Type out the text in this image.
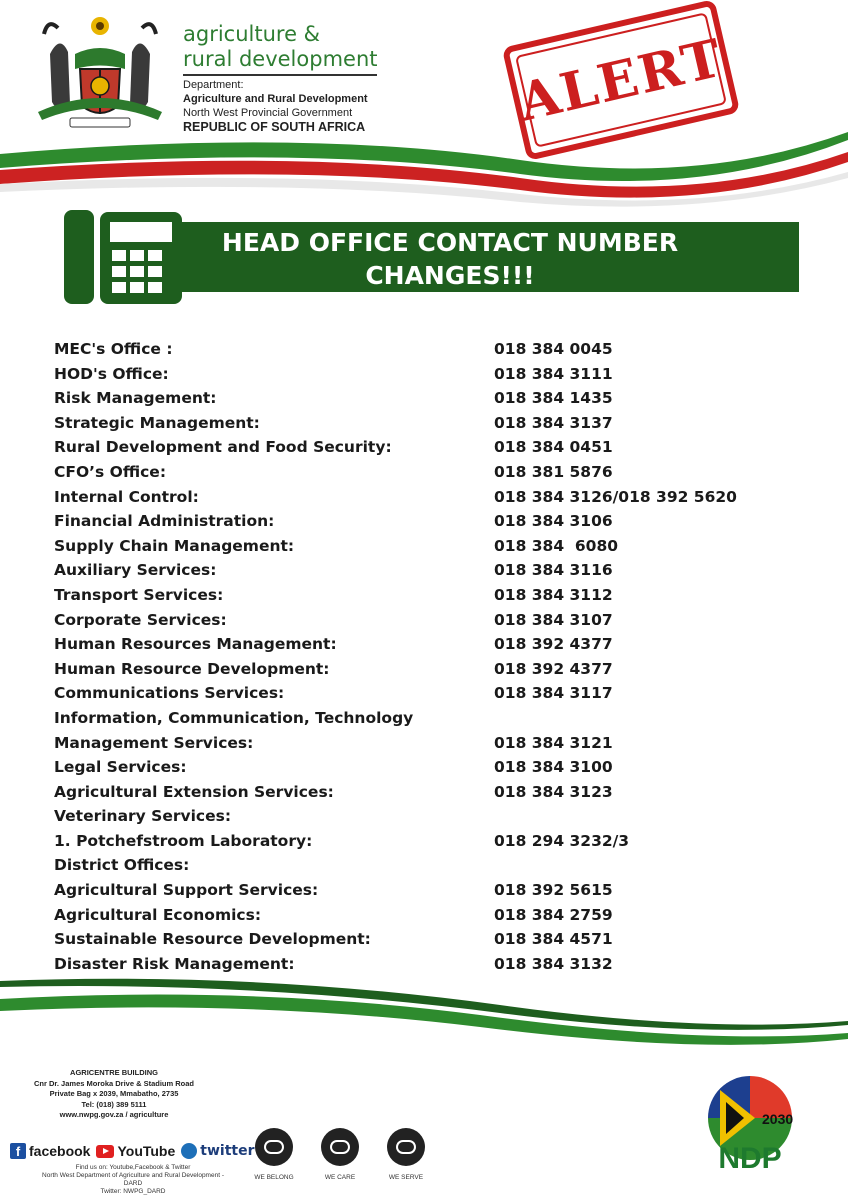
agriculture &
rural development
Department:
Agriculture and Rural Development
North West Provincial Government
REPUBLIC OF SOUTH AFRICA	ALERT
HEAD OFFICE CONTACT NUMBER
CHANGES!!!
MEC's Office :	018 384 0045
HOD's Office:	018 384 3111
Risk Management:	018 384 1435
Strategic Management:	018 384 3137
Rural Development and Food Security:	018 384 0451
CFO’s Office:	018 381 5876
Internal Control:	018 384 3126/018 392 5620
Financial Administration:	018 384 3106
Supply Chain Management:	018 384  6080
Auxiliary Services:	018 384 3116
Transport Services:	018 384 3112
Corporate Services:	018 384 3107
Human Resources Management:	018 392 4377
Human Resource Development:	018 392 4377
Communications Services:	018 384 3117
Information, Communication, Technology
Management Services:	018 384 3121
Legal Services:	018 384 3100
Agricultural Extension Services:	018 384 3123
Veterinary Services:
1. Potchefstroom Laboratory:	018 294 3232/3
District Offices:
Agricultural Support Services:	018 392 5615
Agricultural Economics:	018 384 2759
Sustainable Resource Development:	018 384 4571
Disaster Risk Management:	018 384 3132
AGRICENTRE BUILDING
Cnr Dr. James Moroka Drive & Stadium Road
Private Bag x 2039, Mmabatho, 2735
Tel: (018) 389 5111
www.nwpg.gov.za / agriculture
f facebook YouTube twitter
Find us on: Youtube,Facebook & Twitter
North West Department of Agriculture and Rural Development - DARD
Twitter: NWPG_DARD
WE BELONG	WE CARE	WE SERVE
2030
NDP
